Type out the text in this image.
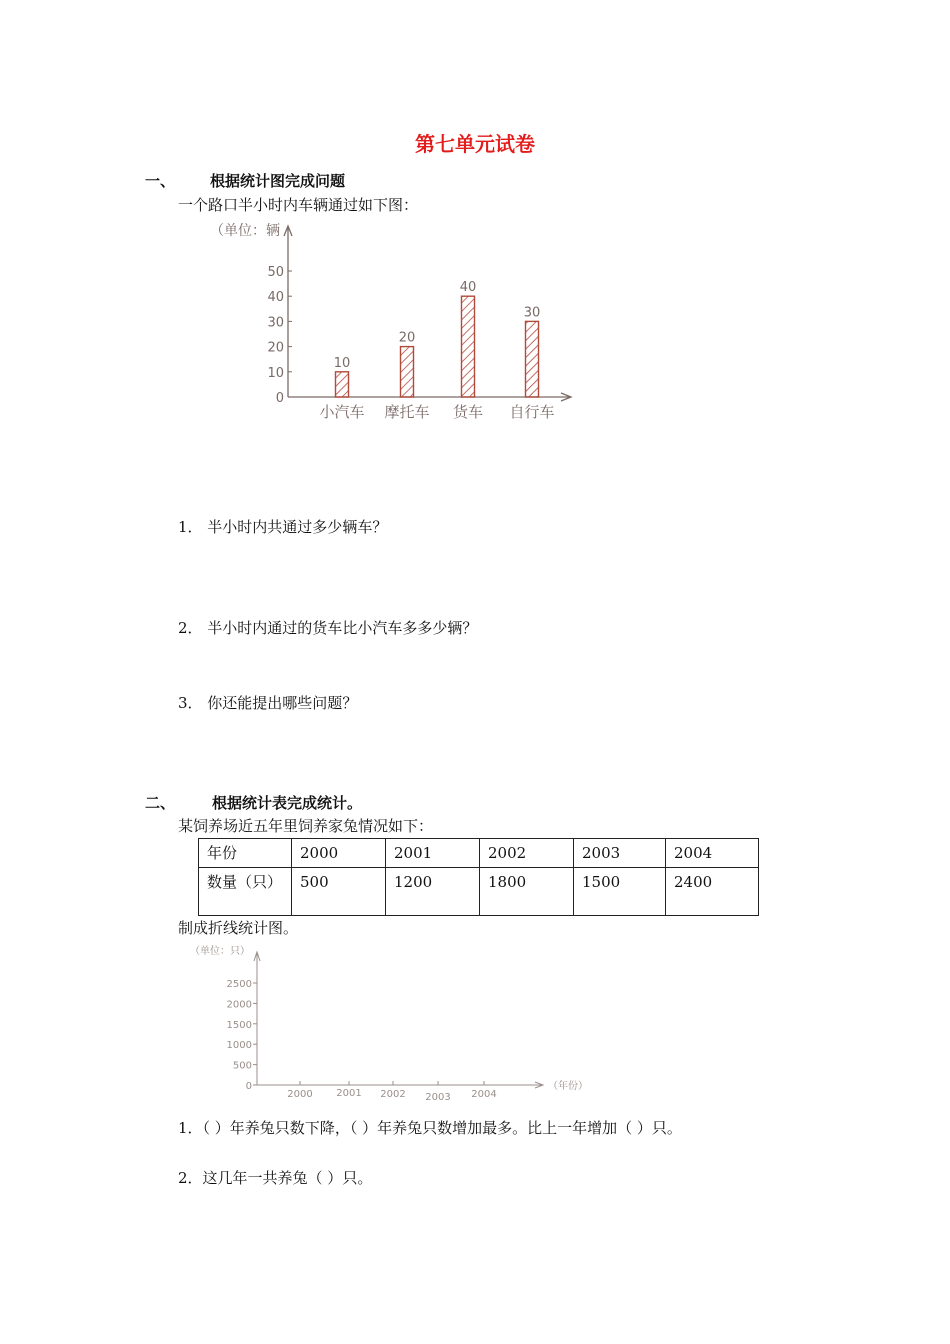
第七单元试卷
一、 根据统计图完成问题
一个路口半小时内车辆通过如下图：
（单位：辆
0
10
20
30
40
50
10
小汽车
20
摩托车
40
货车
30
自行车
1． 半小时内共通过多少辆车？
2． 半小时内通过的货车比小汽车多多少辆？
3． 你还能提出哪些问题？
二、 根据统计表完成统计。
某饲养场近五年里饲养家兔情况如下：
年份	2000	2001	2002	2003	2004
数量（只）	500	1200	1800	1500	2400
制成折线统计图。
（单位：只）
（年份）
0
500
1000
1500
2000
2500
2000 2001 2002 2003 2004
1．（ ）年养兔只数下降，（ ）年养兔只数增加最多。比上一年增加（ ）只。
2．这几年一共养兔（ ）只。
